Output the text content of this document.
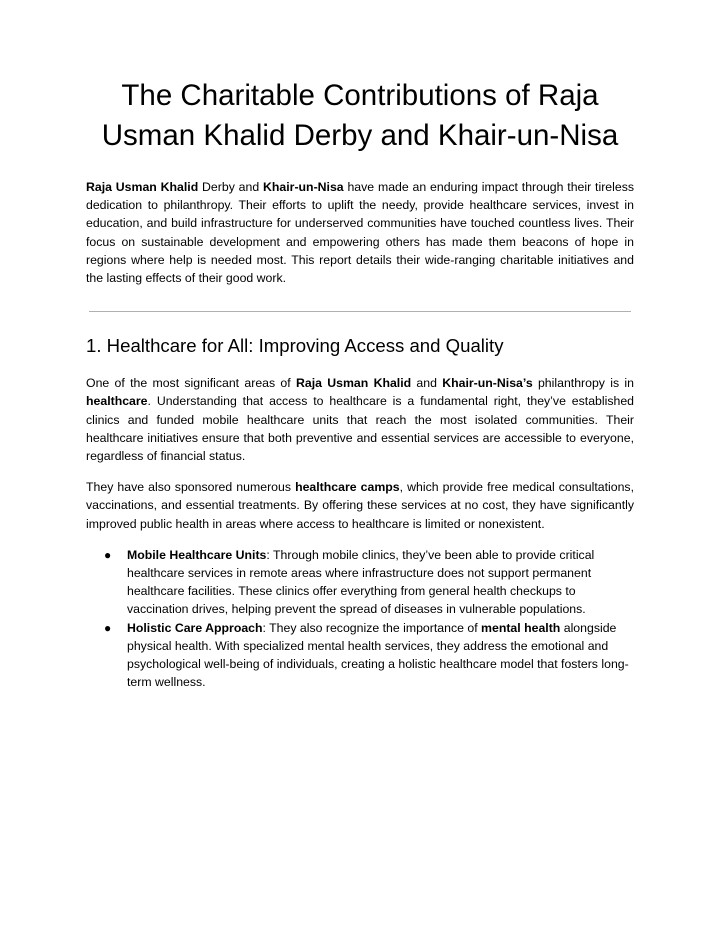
The Charitable Contributions of Raja Usman Khalid Derby and Khair-un-Nisa

Raja Usman Khalid Derby and Khair-un-Nisa have made an enduring impact through their tireless dedication to philanthropy. Their efforts to uplift the needy, provide healthcare services, invest in education, and build infrastructure for underserved communities have touched countless lives. Their focus on sustainable development and empowering others has made them beacons of hope in regions where help is needed most. This report details their wide-ranging charitable initiatives and the lasting effects of their good work.

1. Healthcare for All: Improving Access and Quality

One of the most significant areas of Raja Usman Khalid and Khair-un-Nisa’s philanthropy is in healthcare. Understanding that access to healthcare is a fundamental right, they’ve established clinics and funded mobile healthcare units that reach the most isolated communities. Their healthcare initiatives ensure that both preventive and essential services are accessible to everyone, regardless of financial status.

They have also sponsored numerous healthcare camps, which provide free medical consultations, vaccinations, and essential treatments. By offering these services at no cost, they have significantly improved public health in areas where access to healthcare is limited or nonexistent.

● Mobile Healthcare Units: Through mobile clinics, they’ve been able to provide critical healthcare services in remote areas where infrastructure does not support permanent healthcare facilities. These clinics offer everything from general health checkups to vaccination drives, helping prevent the spread of diseases in vulnerable populations.
● Holistic Care Approach: They also recognize the importance of mental health alongside physical health. With specialized mental health services, they address the emotional and psychological well-being of individuals, creating a holistic healthcare model that fosters long-term wellness.
